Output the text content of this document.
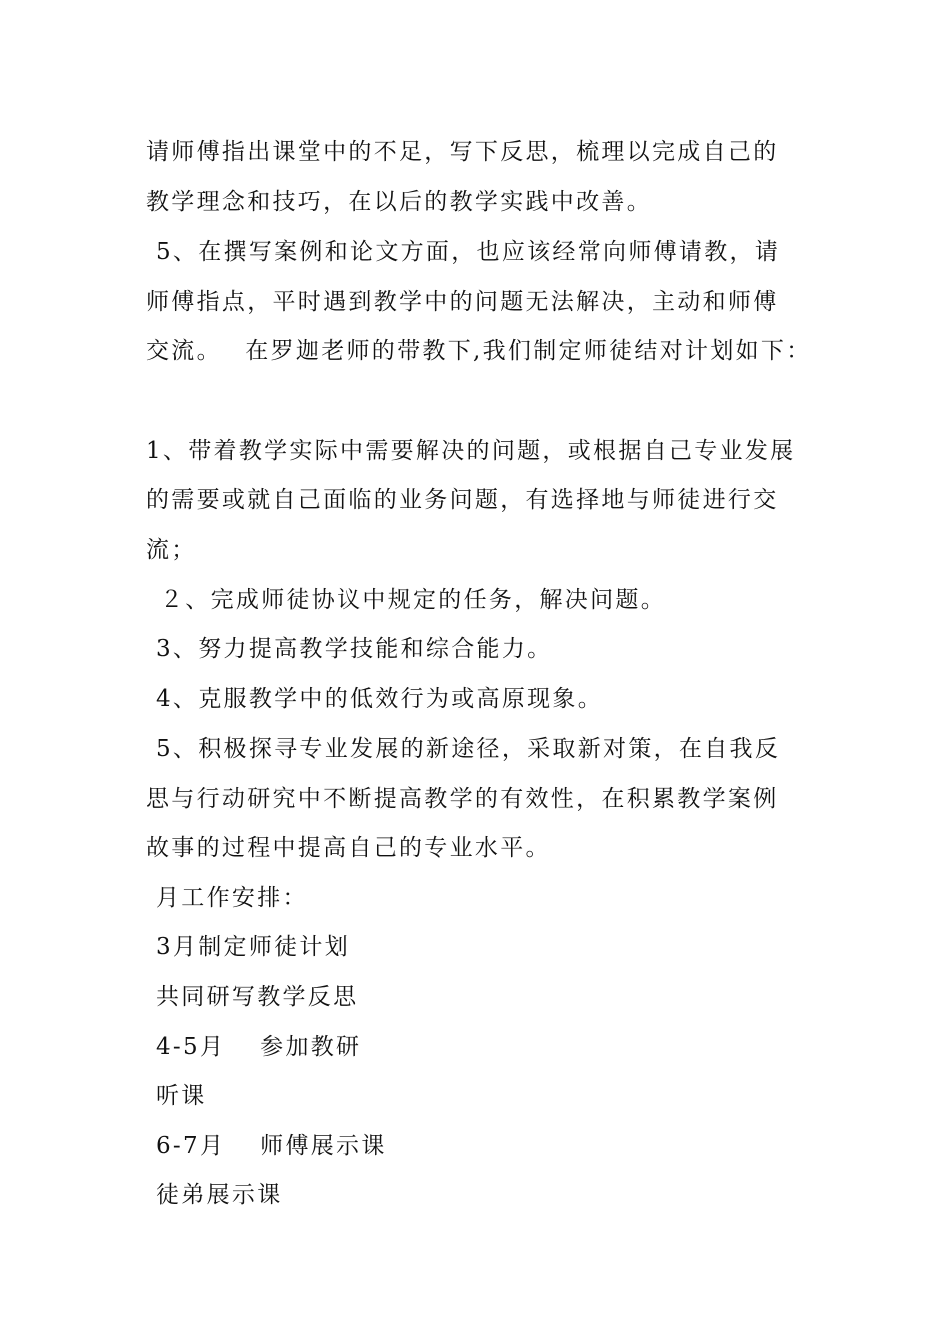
请师傅指出课堂中的不足，写下反思，梳理以完成自己的
教学理念和技巧，在以后的教学实践中改善。
5、在撰写案例和论文方面，也应该经常向师傅请教，请
师傅指点，平时遇到教学中的问题无法解决，主动和师傅
交流。　 在罗迦老师的带教下,我们制定师徒结对计划如下：
1、带着教学实际中需要解决的问题，或根据自己专业发展
的需要或就自己面临的业务问题，有选择地与师徒进行交
流；
２、完成师徒协议中规定的任务，解决问题。
3、努力提高教学技能和综合能力。
4、克服教学中的低效行为或高原现象。
5、积极探寻专业发展的新途径，采取新对策，在自我反
思与行动研究中不断提高教学的有效性，在积累教学案例
故事的过程中提高自己的专业水平。
月工作安排：
3月制定师徒计划
共同研写教学反思
4-5月　 参加教研
听课
6-7月　 师傅展示课
徒弟展示课
